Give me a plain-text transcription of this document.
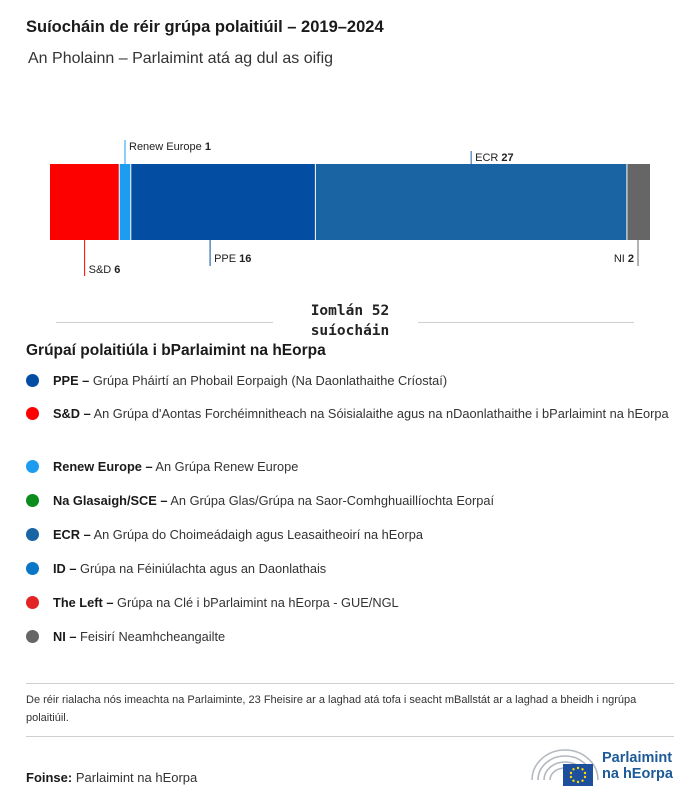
Suíocháin de réir grúpa polaitiúil – 2019–2024
An Pholainn – Parlaimint atá ag dul as oifig
S&D 6
Renew Europe 1
PPE 16
ECR 27
NI 2
Iomlán 52
suíocháin
Grúpaí polaitiúla i bParlaimint na hEorpa
PPE – Grúpa Pháirtí an Phobail Eorpaigh (Na Daonlathaithe Críostaí)
S&D – An Grúpa d'Aontas Forchéimnitheach na Sóisialaithe agus na nDaonlathaithe i bParlaimint na hEorpa
Renew Europe – An Grúpa Renew Europe
Na Glasaigh/SCE – An Grúpa Glas/Grúpa na Saor-Comhghuaillíochta Eorpaí
ECR – An Grúpa do Choimeádaigh agus Leasaitheoirí na hEorpa
ID – Grúpa na Féiniúlachta agus an Daonlathais
The Left – Grúpa na Clé i bParlaimint na hEorpa - GUE/NGL
NI – Feisirí Neamhcheangailte
De réir rialacha nós imeachta na Parlaiminte, 23 Fheisire ar a laghad atá tofa i seacht mBallstát ar a laghad a bheidh i ngrúpa polaitiúil.
Foinse: Parlaimint na hEorpa
Parlaimint
na hEorpa
